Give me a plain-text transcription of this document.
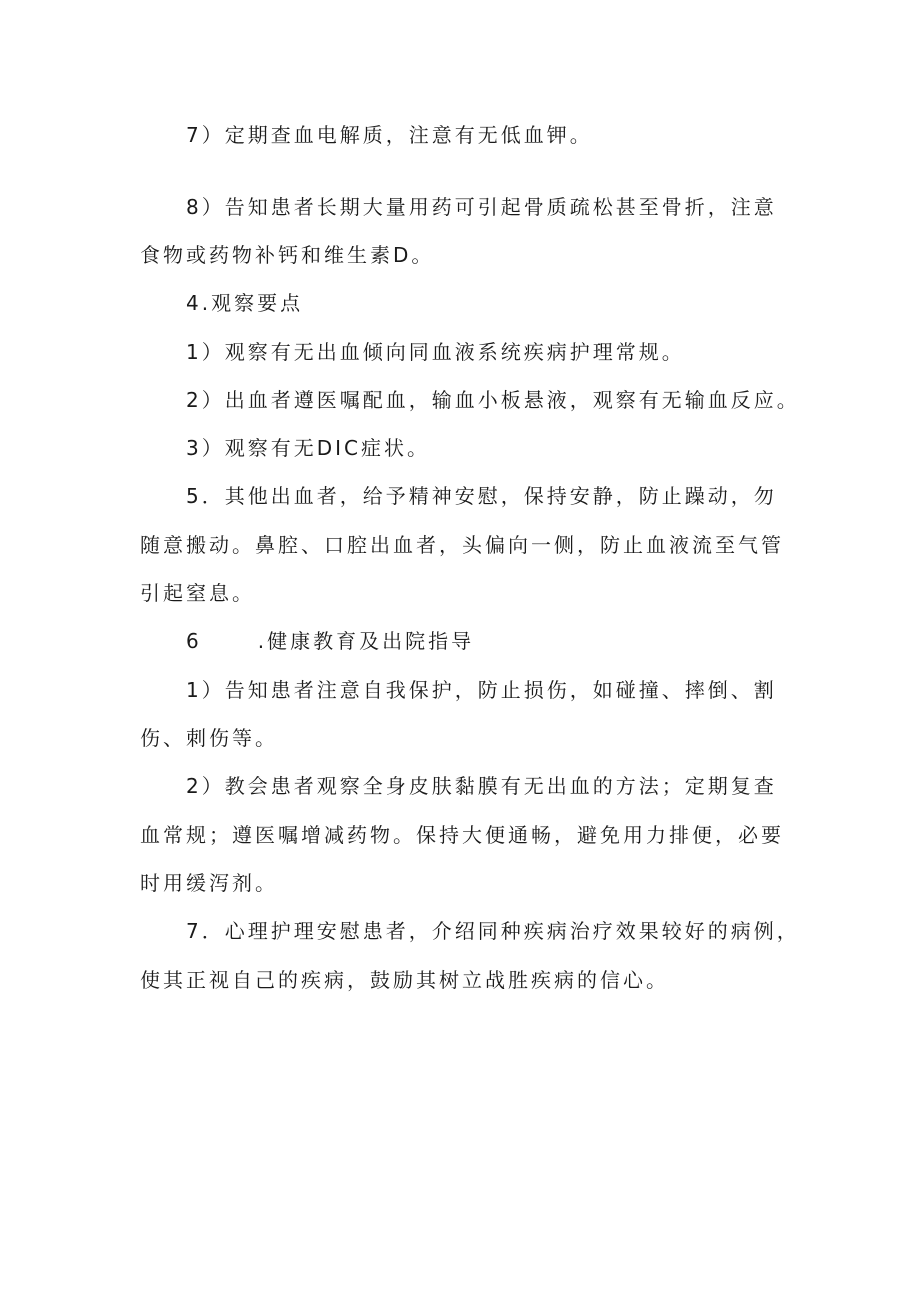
7）定期查血电解质，注意有无低血钾。
8）告知患者长期大量用药可引起骨质疏松甚至骨折，注意
食物或药物补钙和维生素D。
4.观察要点
1）观察有无出血倾向同血液系统疾病护理常规。
2）出血者遵医嘱配血，输血小板悬液，观察有无输血反应。
3）观察有无DIC症状。
5．其他出血者，给予精神安慰，保持安静，防止躁动，勿
随意搬动。鼻腔、口腔出血者，头偏向一侧，防止血液流至气管
引起窒息。
6	.健康教育及出院指导
1）告知患者注意自我保护，防止损伤，如碰撞、摔倒、割
伤、刺伤等。
2）教会患者观察全身皮肤黏膜有无出血的方法；定期复查
血常规；遵医嘱增减药物。保持大便通畅，避免用力排便，必要
时用缓泻剂。
7．心理护理安慰患者，介绍同种疾病治疗效果较好的病例，
使其正视自己的疾病，鼓励其树立战胜疾病的信心。
